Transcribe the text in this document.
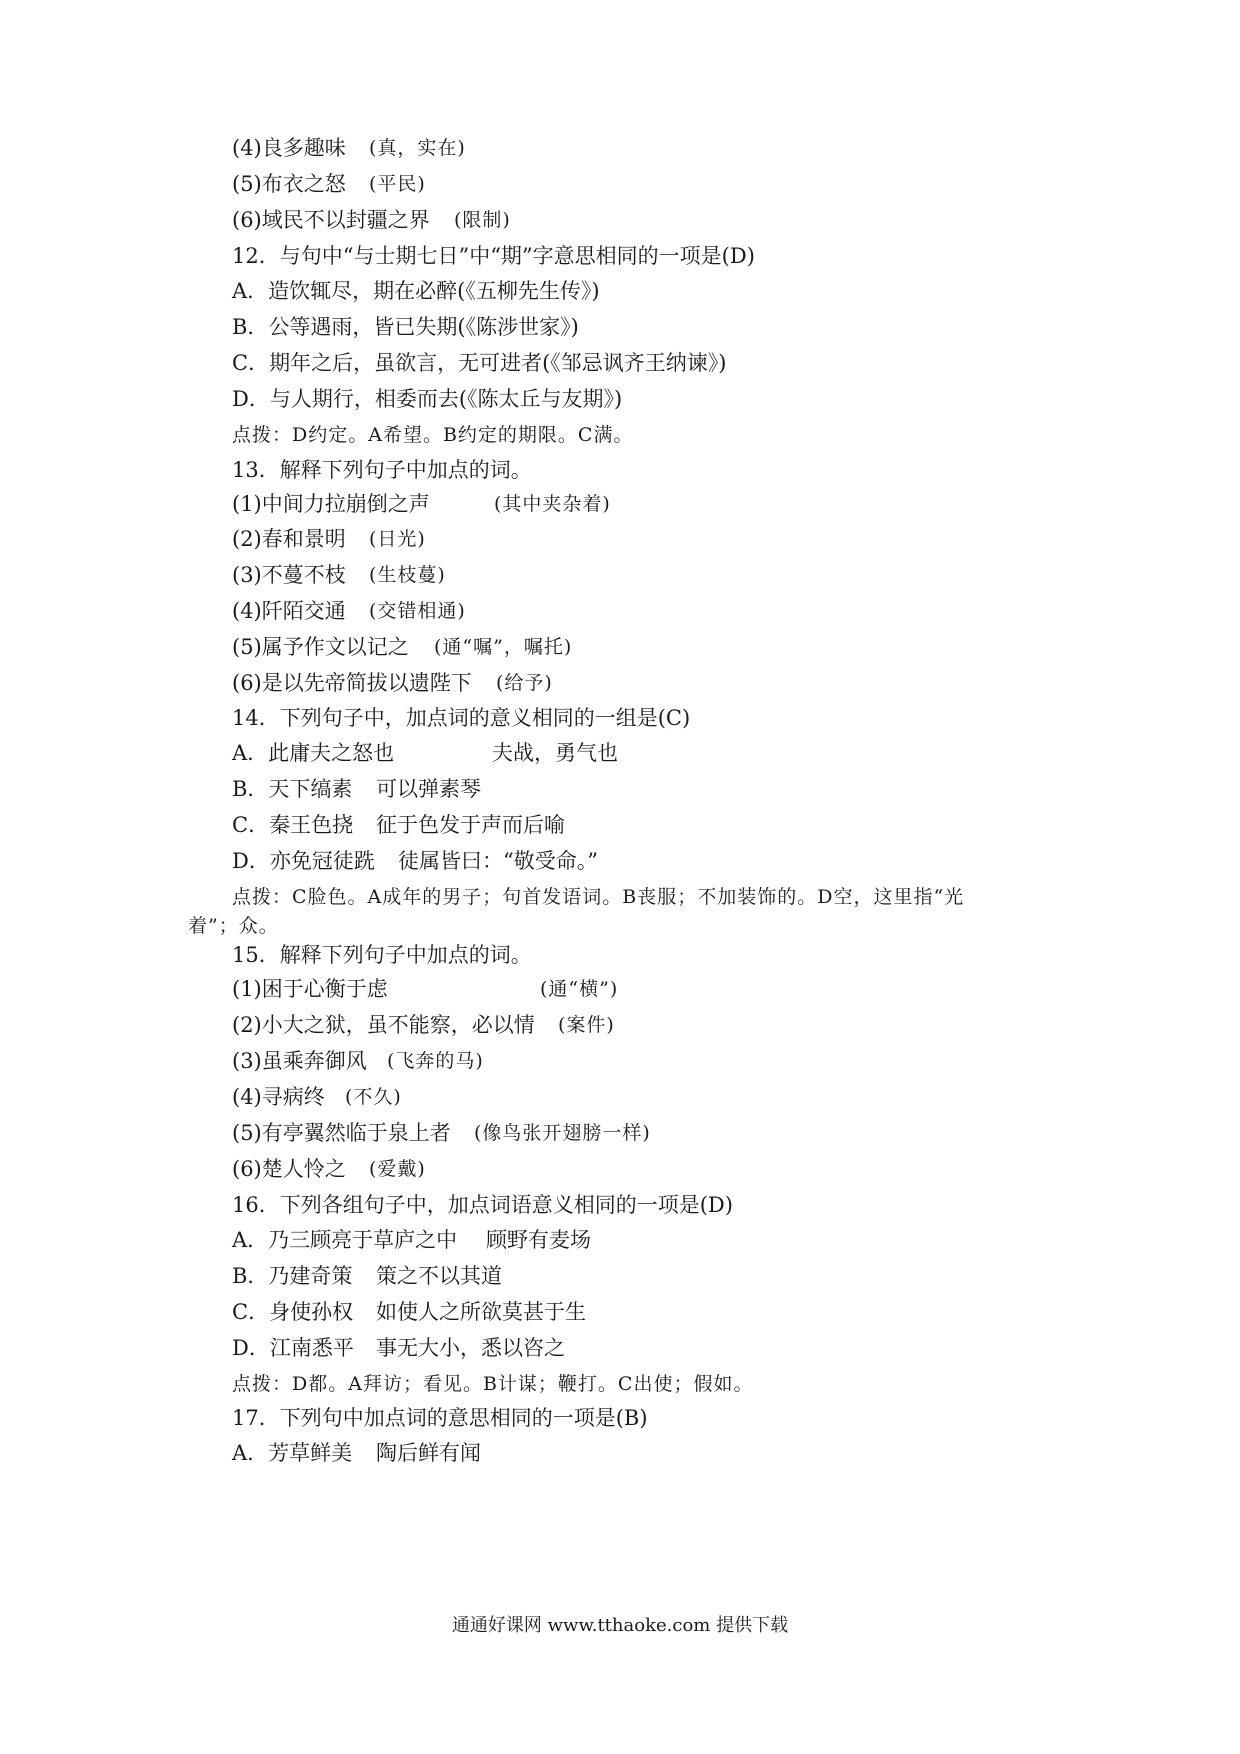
(4)良多趣味 (真，实在)
(5)布衣之怒 (平民)
(6)域民不以封疆之界 (限制)
12．与句中“与士期七日”中“期”字意思相同的一项是(D)
A．造饮辄尽，期在必醉(《五柳先生传》)
B．公等遇雨，皆已失期(《陈涉世家》)
C．期年之后，虽欲言，无可进者(《邹忌讽齐王纳谏》)
D．与人期行，相委而去(《陈太丘与友期》)
点拨：D约定。A希望。B约定的期限。C满。
13．解释下列句子中加点的词。
(1)中间力拉崩倒之声	(其中夹杂着)
(2)春和景明 (日光)
(3)不蔓不枝 (生枝蔓)
(4)阡陌交通 (交错相通)
(5)属予作文以记之 (通“嘱”，嘱托)
(6)是以先帝简拔以遗陛下 (给予)
14．下列句子中，加点词的意义相同的一组是(C)
A．此庸夫之怒也	夫战，勇气也
B．天下缟素 可以弹素琴
C．秦王色挠 征于色发于声而后喻
D．亦免冠徒跣 徒属皆曰：“敬受命。”
点拨：C脸色。A成年的男子；句首发语词。B丧服；不加装饰的。D空，这里指“光
着”；众。
15．解释下列句子中加点的词。
(1)困于心衡于虑	(通“横”)
(2)小大之狱，虽不能察，必以情 (案件)
(3)虽乘奔御风 (飞奔的马)
(4)寻病终 (不久)
(5)有亭翼然临于泉上者 (像鸟张开翅膀一样)
(6)楚人怜之 (爱戴)
16．下列各组句子中，加点词语意义相同的一项是(D)
A．乃三顾亮于草庐之中 顾野有麦场
B．乃建奇策 策之不以其道
C．身使孙权 如使人之所欲莫甚于生
D．江南悉平 事无大小，悉以咨之
点拨：D都。A拜访；看见。B计谋；鞭打。C出使；假如。
17．下列句中加点词的意思相同的一项是(B)
A．芳草鲜美 陶后鲜有闻
通通好课网 www.tthaoke.com 提供下载
